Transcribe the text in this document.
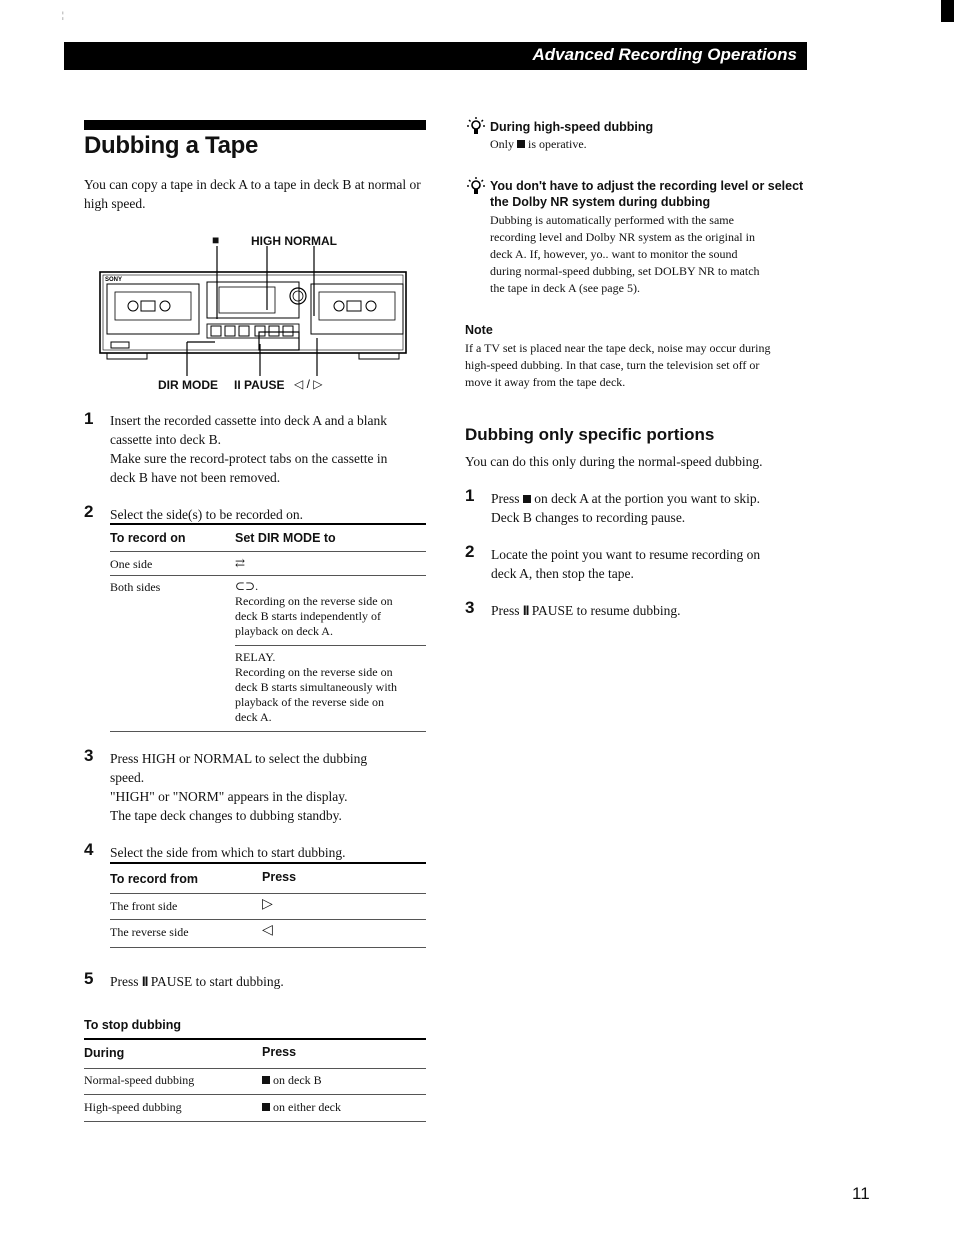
¦
Advanced Recording Operations
Dubbing a Tape
You can copy a tape in deck A to a tape in deck B at normal or high speed.
■	HIGH NORMAL
SONY
DIR MODE II PAUSE ◁ / ▷
1 Insert the recorded cassette into deck A and a blank
cassette into deck B.
Make sure the record-protect tabs on the cassette in
deck B have not been removed.
2 Select the side(s) to be recorded on.
To record on	Set DIR MODE to
One side	⇄
Both sides	⊂⊃.
Recording on the reverse side on
deck B starts independently of
playback on deck A.
RELAY.
Recording on the reverse side on
deck B starts simultaneously with
playback of the reverse side on
deck A.
3 Press HIGH or NORMAL to select the dubbing
speed.
"HIGH" or "NORM" appears in the display.
The tape deck changes to dubbing standby.
4 Select the side from which to start dubbing.
To record from	Press
The front side	▷
The reverse side	◁
5 Press II PAUSE to start dubbing.
To stop dubbing
During	Press
Normal-speed dubbing	on deck B
High-speed dubbing	on either deck
During high-speed dubbing
Only is operative.
You don't have to adjust the recording level or select
the Dolby NR system during dubbing
Dubbing is automatically performed with the same
recording level and Dolby NR system as the original in
deck A. If, however, yo.. want to monitor the sound
during normal-speed dubbing, set DOLBY NR to match
the tape in deck A (see page 5).
Note
If a TV set is placed near the tape deck, noise may occur during
high-speed dubbing. In that case, turn the television set off or
move it away from the tape deck.
Dubbing only specific portions
You can do this only during the normal-speed dubbing.
1 Press on deck A at the portion you want to skip.
Deck B changes to recording pause.
2 Locate the point you want to resume recording on
deck A, then stop the tape.
3 Press II PAUSE to resume dubbing.
11
